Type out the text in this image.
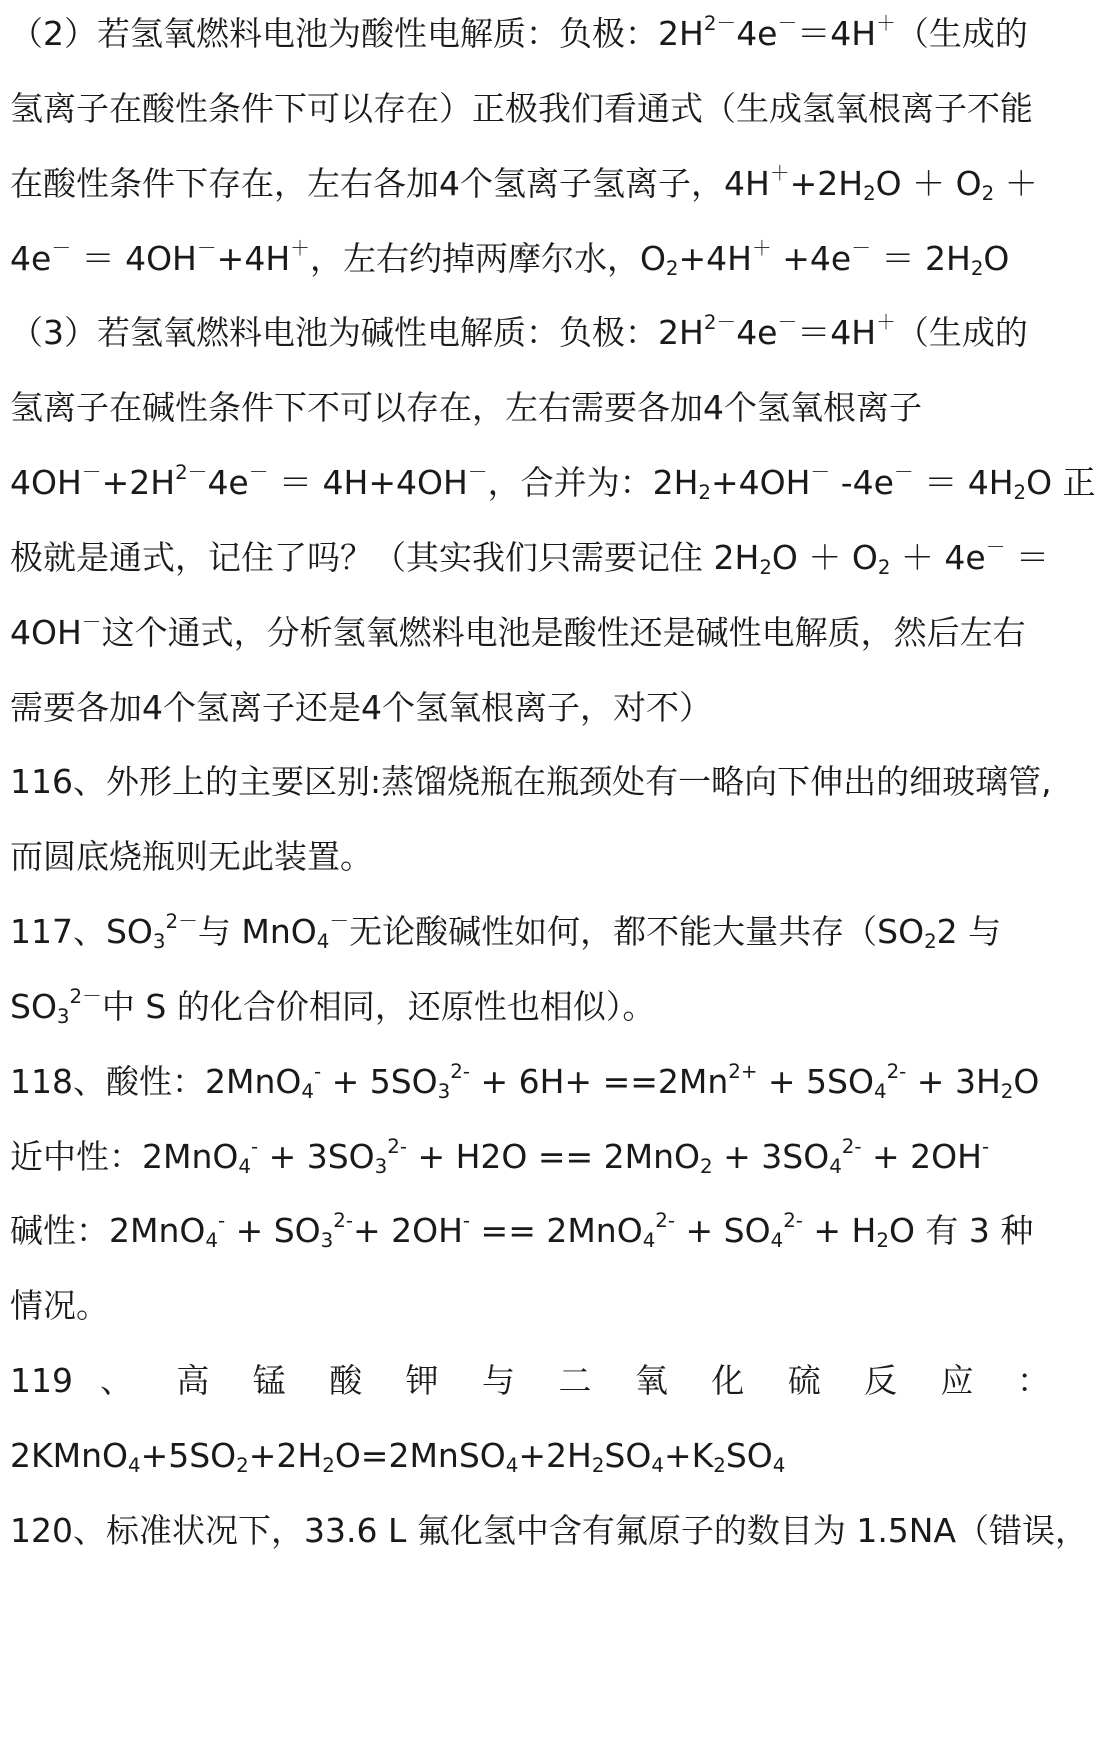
（2）若氢氧燃料电池为酸性电解质：负极：$2H^{2-}4e^-=4H^+$（生成的
氢离子在酸性条件下可以存在）正极我们看通式（生成氢氧根离子不能
在酸性条件下存在，左右各加4个氢离子氢离子，$4H^++2H_2O + O_2$ ＋
4e－ ＝ 4OH－+4H＋，左右约掉两摩尔水，$O_2+4H^+ +4e^- = 2H_2O$
（3）若氢氧燃料电池为碱性电解质：负极：$2H^{2-}4e^-=4H^+$（生成的
氢离子在碱性条件下不可以存在，左右需要各加4个氢氧根离子
$4OH^-+2H^{2-}4e^- = 4H+4OH^-$，合并为：$2H_2+4OH^-$ $-4e^- = 4H_2O$ 正
极就是通式，记住了吗？（其实我们只需要记住 $2H_2O + O_2 + 4e^-$ ＝
4OH－这个通式，分析氢氧燃料电池是酸性还是碱性电解质，然后左右
需要各加4个氢离子还是4个氢氧根离子，对不）
116、外形上的主要区别:蒸馏烧瓶在瓶颈处有一略向下伸出的细玻璃管,
而圆底烧瓶则无此装置。
117、$SO_3^{2-}$与 MnO$_4$－无论酸碱性如何，都不能大量共存（$SO_22$ 与
$SO_3^{2-}$中 S 的化合价相同，还原性也相似）。
118、酸性：$2MnO_4^- + 5SO_3^{2-} + 6H+ ==2Mn^{2+} + 5SO_4^{2-} + 3H_2O$
近中性：$2MnO_4^- + 3SO_3^{2-} + H2O == 2MnO_2 + 3SO_4^{2-} + 2OH^-$
碱性：$2MnO_4^- + SO_3^{2-}+ 2OH^- == 2MnO_4^{2-} + SO_4^{2-} + H_2O$ 有 3 种
情况。
119 、 高 锰 酸 钾 与 二 氧 化 硫 反 应 ：
$2KMnO_4+5SO_2+2H_2O=2MnSO_4+2H_2SO_4+K_2SO_4$
120、标准状况下，33.6 L 氟化氢中含有氟原子的数目为 1.5NA（错误，
